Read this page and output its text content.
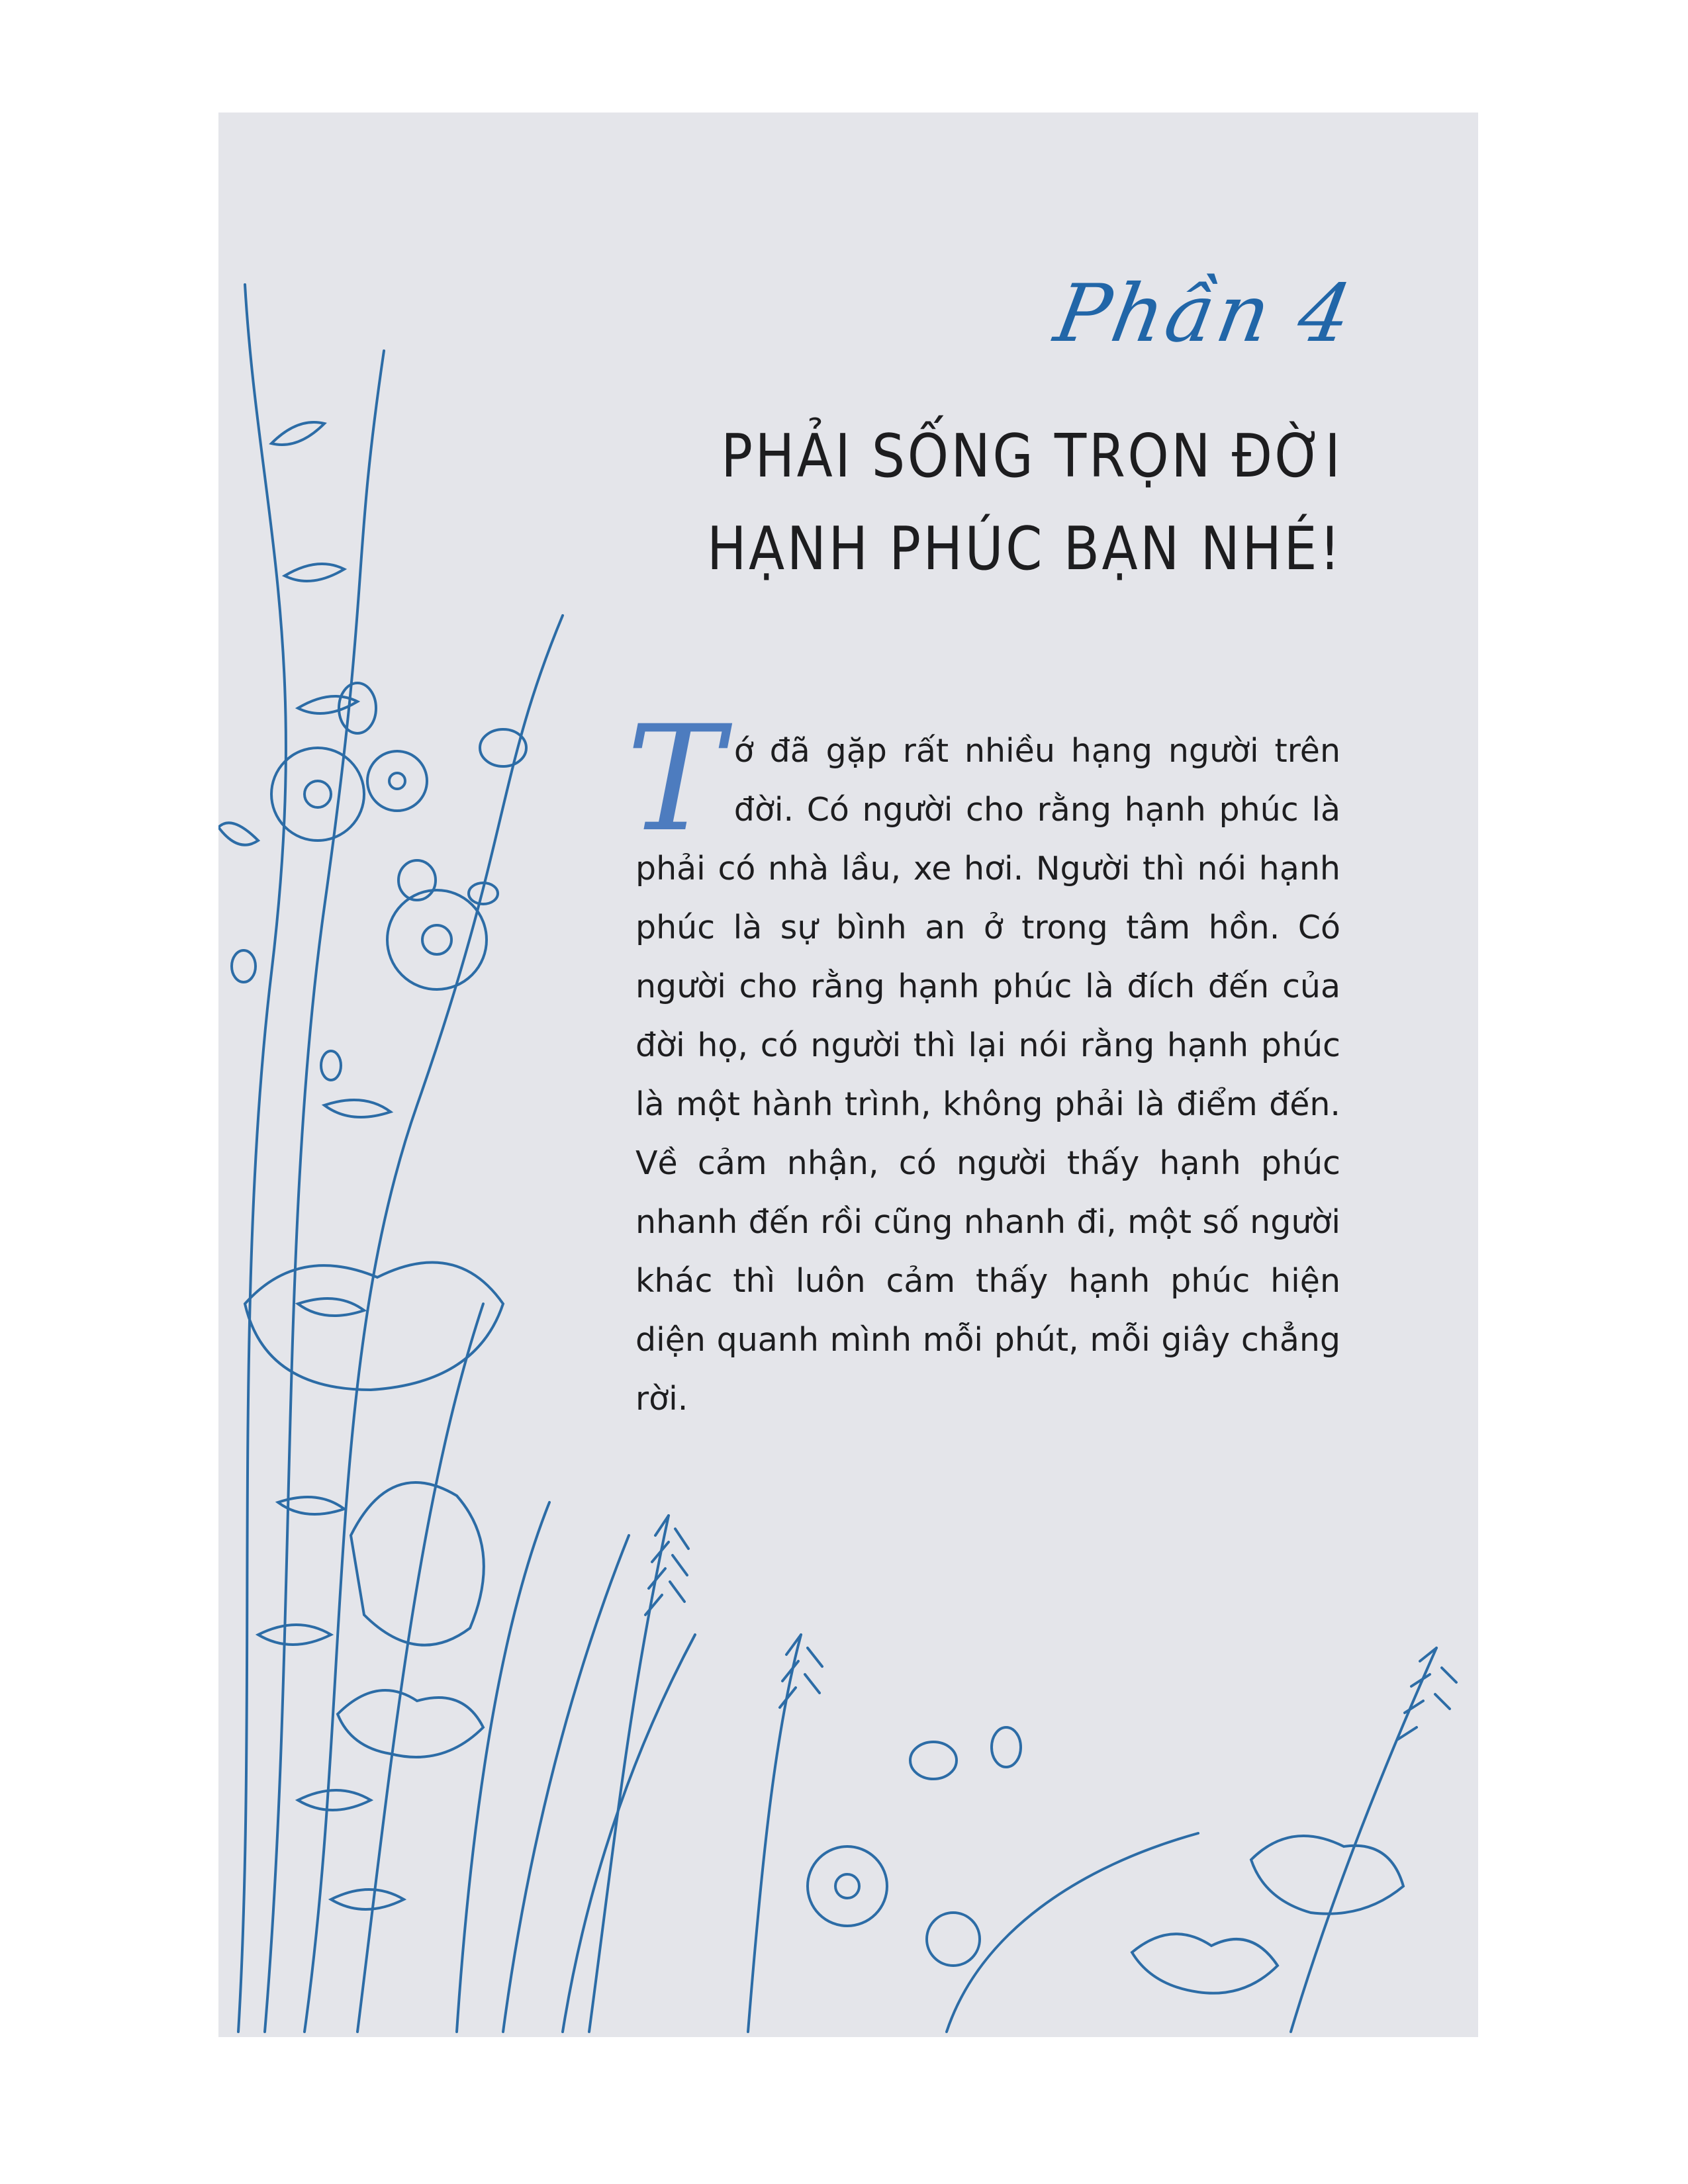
Phần 4
PHẢI SỐNG TRỌN ĐỜI
HẠNH PHÚC BẠN NHÉ!
T ớ đã gặp rất nhiều hạng người trên đời. Có người cho rằng hạnh phúc là phải có nhà lầu, xe hơi. Người thì nói hạnh phúc là sự bình an ở trong tâm hồn. Có người cho rằng hạnh phúc là đích đến của đời họ, có người thì lại nói rằng hạnh phúc là một hành trình, không phải là điểm đến. Về cảm nhận, có người thấy hạnh phúc nhanh đến rồi cũng nhanh đi, một số người khác thì luôn cảm thấy hạnh phúc hiện diện quanh mình mỗi phút, mỗi giây chẳng rời.
